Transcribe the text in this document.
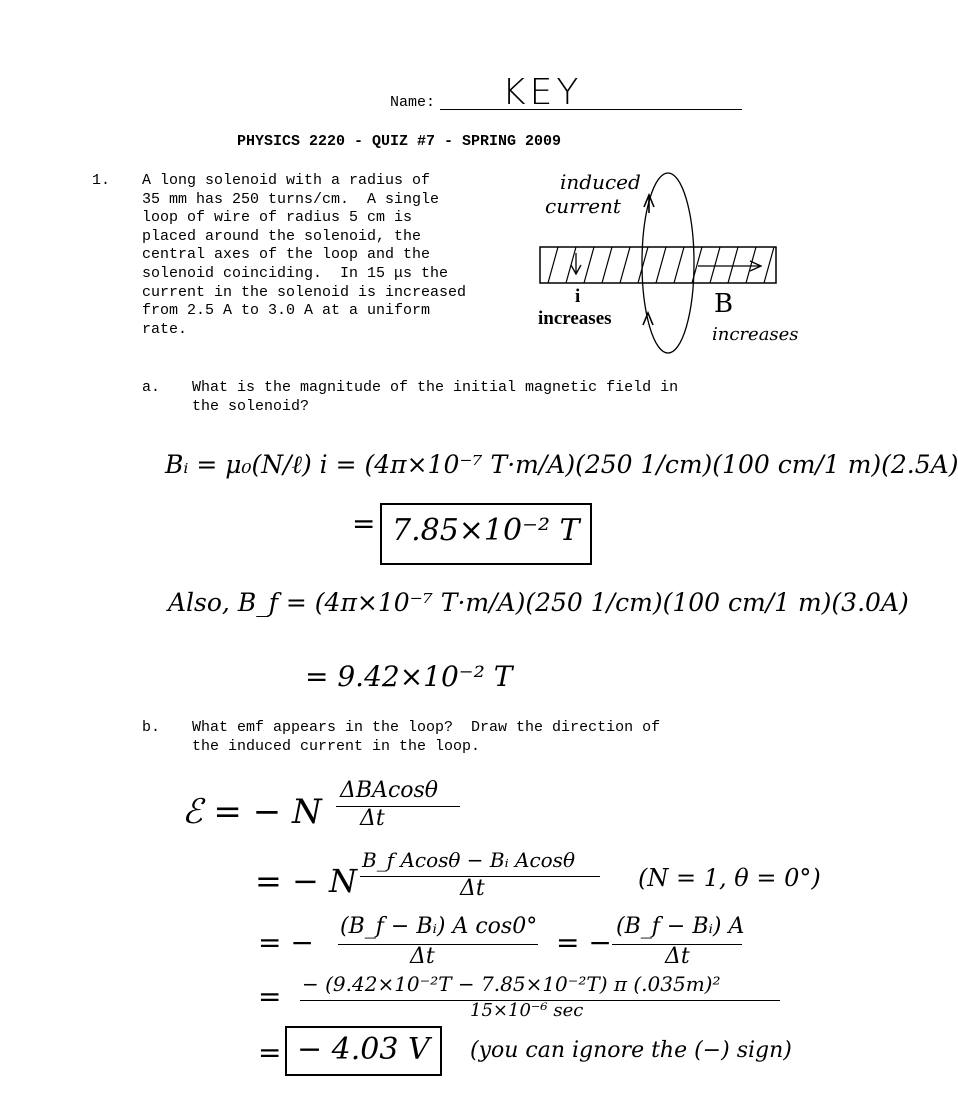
Name: KEY
PHYSICS 2220 - QUIZ #7 - SPRING 2009
1. A long solenoid with a radius of
35 mm has 250 turns/cm.  A single
loop of wire of radius 5 cm is
placed around the solenoid, the
central axes of the loop and the
solenoid coinciding.  In 15 μs the
current in the solenoid is increased
from 2.5 A to 3.0 A at a uniform
rate.
induced
current
i
increases	B
increases
a. What is the magnitude of the initial magnetic field in
the solenoid?
Bᵢ = μ₀(N/ℓ) i = (4π×10⁻⁷ T·m/A)(250 1/cm)(100 cm/1 m)(2.5A)
= 7.85×10⁻² T
Also, B_f = (4π×10⁻⁷ T·m/A)(250 1/cm)(100 cm/1 m)(3.0A)
= 9.42×10⁻² T
b. What emf appears in the loop?  Draw the direction of
the induced current in the loop.
ℰ = − N
ΔBAcosθ
Δt
= − N
B_f Acosθ − Bᵢ Acosθ
Δt	(N = 1, θ = 0°)
= − (B_f − Bᵢ) A cos0°
Δt	= − (B_f − Bᵢ) A
Δt
= − (9.42×10⁻²T − 7.85×10⁻²T) π (.035m)²
15×10⁻⁶ sec
= − 4.03 V	(you can ignore the (−) sign)
